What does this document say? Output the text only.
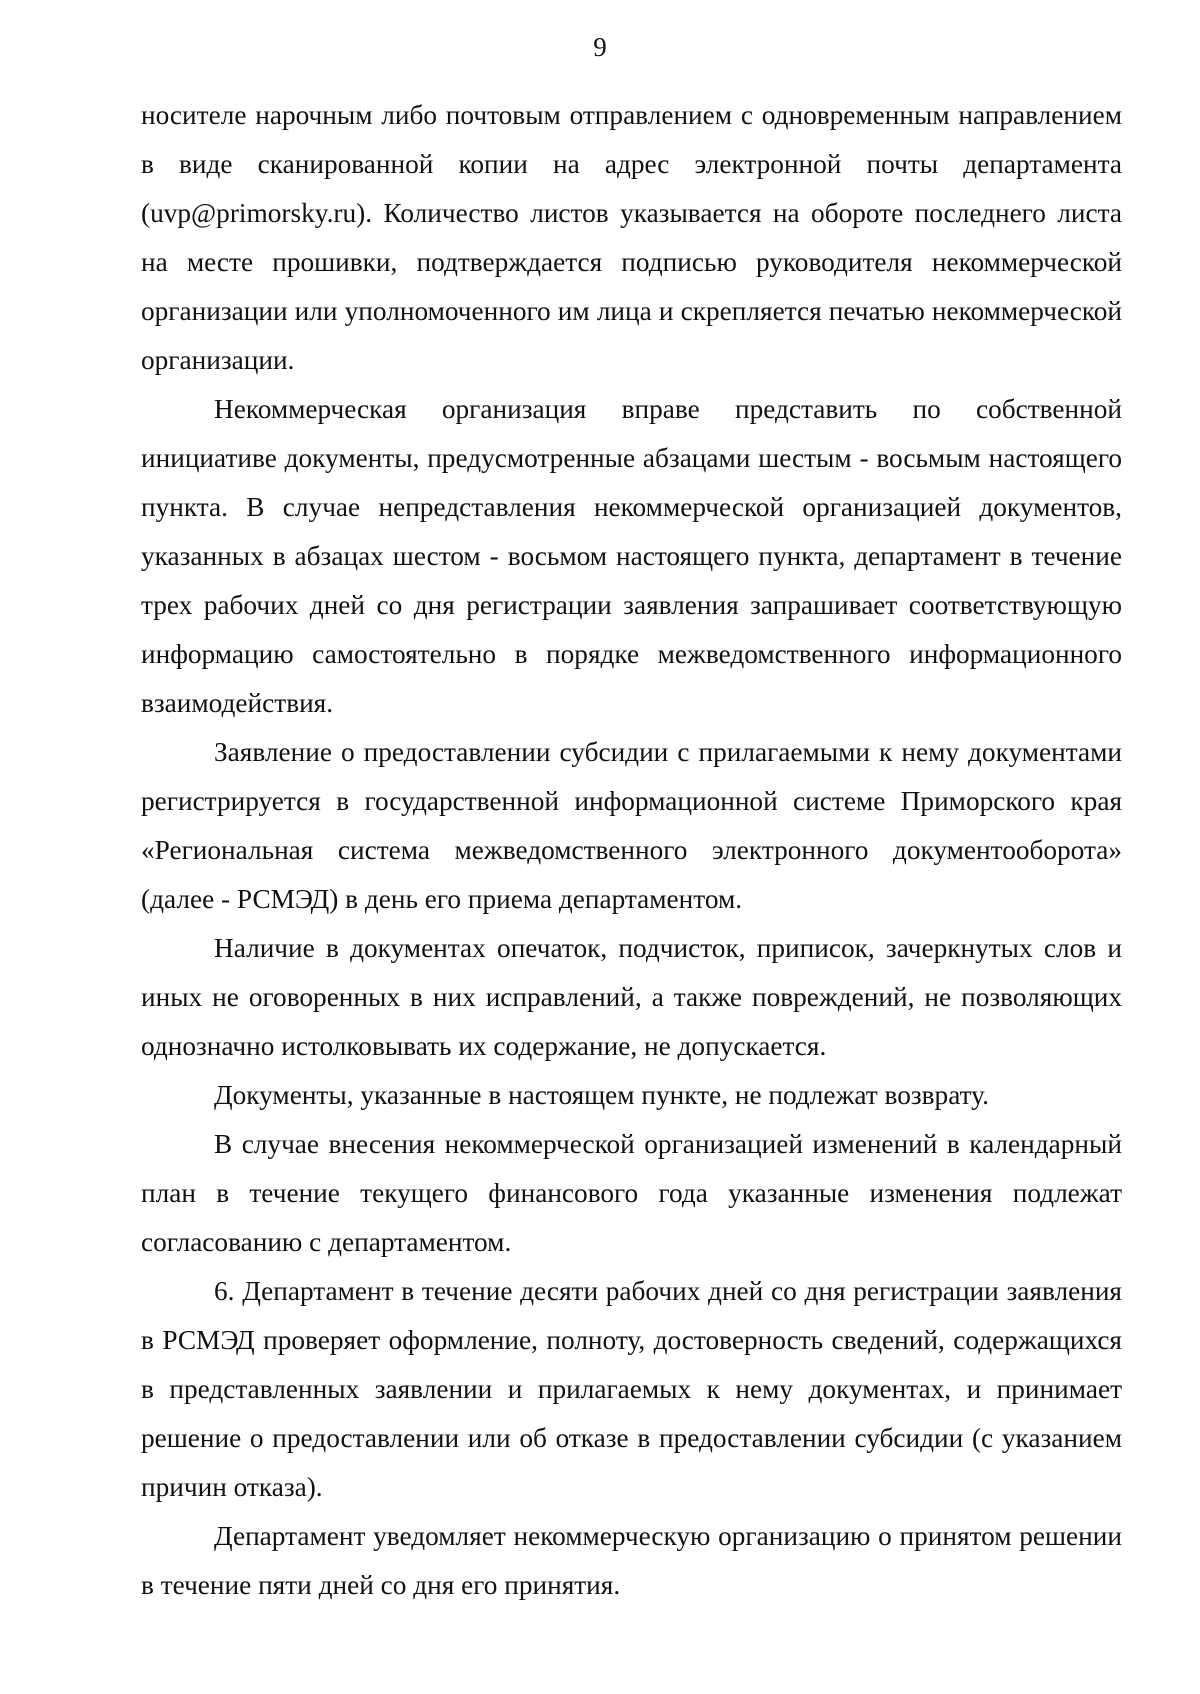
9

носителе нарочным либо почтовым отправлением с одновременным направлением в виде сканированной копии на адрес электронной почты департамента (uvp@primorsky.ru). Количество листов указывается на обороте последнего листа на месте прошивки, подтверждается подписью руководителя некоммерческой организации или уполномоченного им лица и скрепляется печатью некоммерческой организации.

Некоммерческая организация вправе представить по собственной инициативе документы, предусмотренные абзацами шестым - восьмым настоящего пункта. В случае непредставления некоммерческой организацией документов, указанных в абзацах шестом - восьмом настоящего пункта, департамент в течение трех рабочих дней со дня регистрации заявления запрашивает соответствующую информацию самостоятельно в порядке межведомственного информационного взаимодействия.

Заявление о предоставлении субсидии с прилагаемыми к нему документами регистрируется в государственной информационной системе Приморского края «Региональная система межведомственного электронного документооборота» (далее - РСМЭД) в день его приема департаментом.

Наличие в документах опечаток, подчисток, приписок, зачеркнутых слов и иных не оговоренных в них исправлений, а также повреждений, не позволяющих однозначно истолковывать их содержание, не допускается.

Документы, указанные в настоящем пункте, не подлежат возврату.

В случае внесения некоммерческой организацией изменений в календарный план в течение текущего финансового года указанные изменения подлежат согласованию с департаментом.

6. Департамент в течение десяти рабочих дней со дня регистрации заявления в РСМЭД проверяет оформление, полноту, достоверность сведений, содержащихся в представленных заявлении и прилагаемых к нему документах, и принимает решение о предоставлении или об отказе в предоставлении субсидии (с указанием причин отказа).

Департамент уведомляет некоммерческую организацию о принятом решении в течение пяти дней со дня его принятия.
